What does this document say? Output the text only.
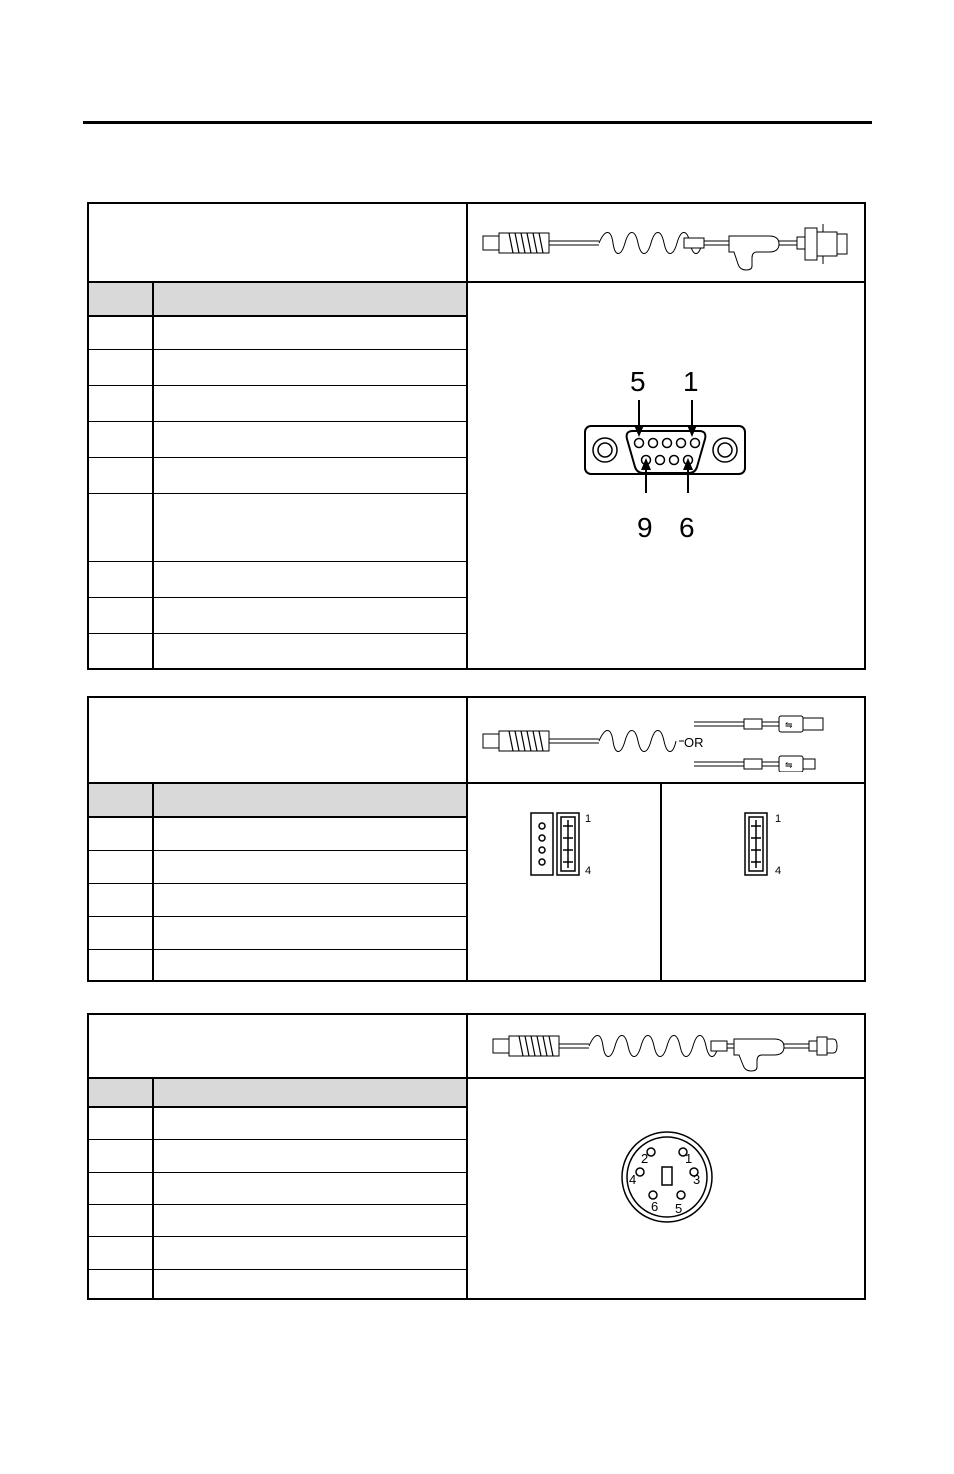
5 1
9 6
⇋
⇋
OR
1
4
1
4
1
2
3
4
5
6
